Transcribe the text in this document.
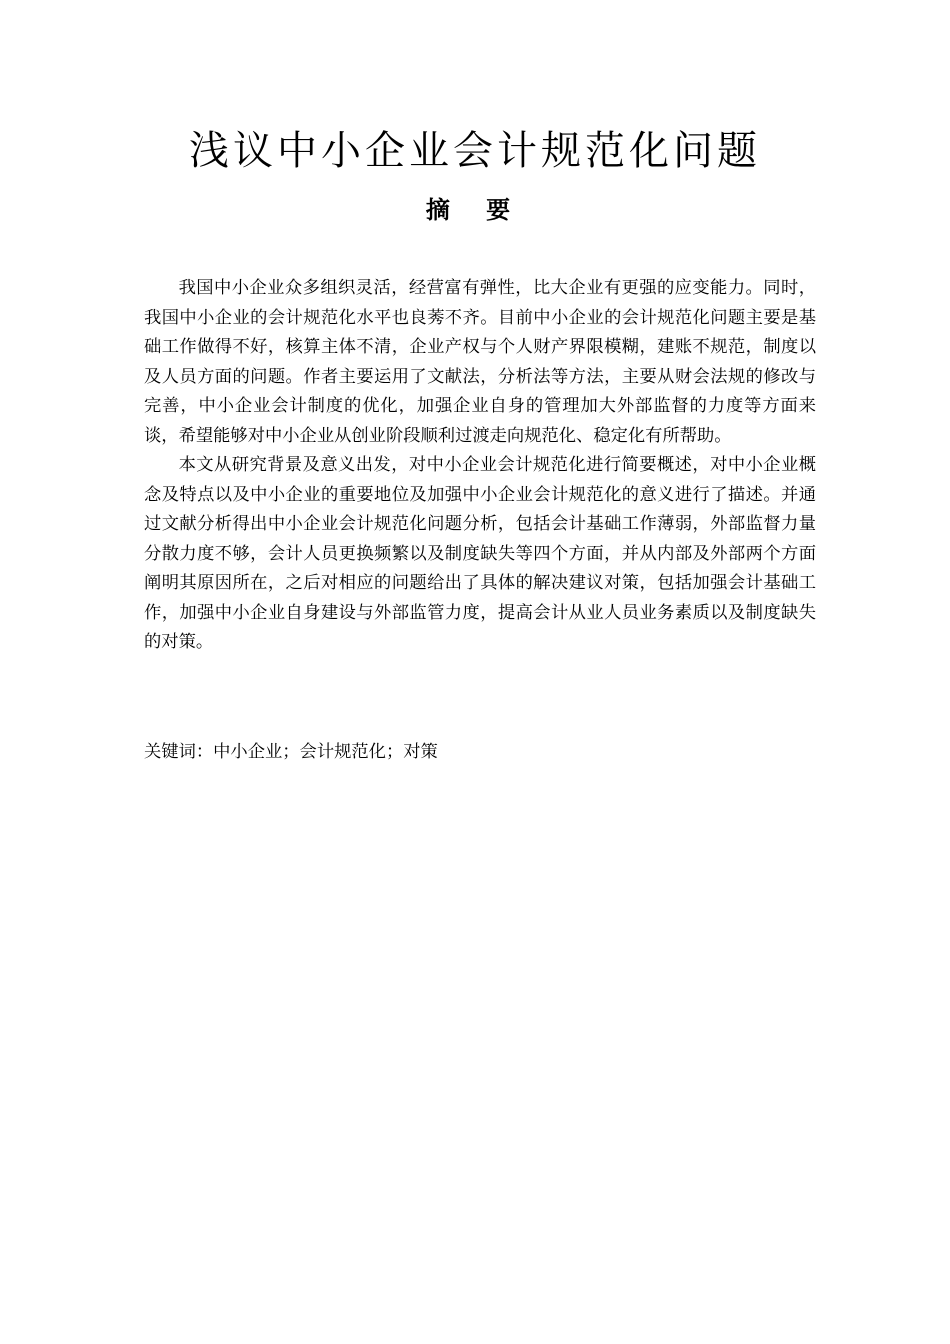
浅议中小企业会计规范化问题
摘 要

我国中小企业众多组织灵活，经营富有弹性，比大企业有更强的应变能力。同时，我国中小企业的会计规范化水平也良莠不齐。目前中小企业的会计规范化问题主要是基础工作做得不好，核算主体不清，企业产权与个人财产界限模糊，建账不规范，制度以及人员方面的问题。作者主要运用了文献法，分析法等方法，主要从财会法规的修改与完善，中小企业会计制度的优化，加强企业自身的管理加大外部监督的力度等方面来谈，希望能够对中小企业从创业阶段顺利过渡走向规范化、稳定化有所帮助。

本文从研究背景及意义出发，对中小企业会计规范化进行简要概述，对中小企业概念及特点以及中小企业的重要地位及加强中小企业会计规范化的意义进行了描述。并通过文献分析得出中小企业会计规范化问题分析，包括会计基础工作薄弱，外部监督力量分散力度不够，会计人员更换频繁以及制度缺失等四个方面，并从内部及外部两个方面阐明其原因所在，之后对相应的问题给出了具体的解决建议对策，包括加强会计基础工作，加强中小企业自身建设与外部监管力度，提高会计从业人员业务素质以及制度缺失的对策。

关键词：中小企业；会计规范化；对策
